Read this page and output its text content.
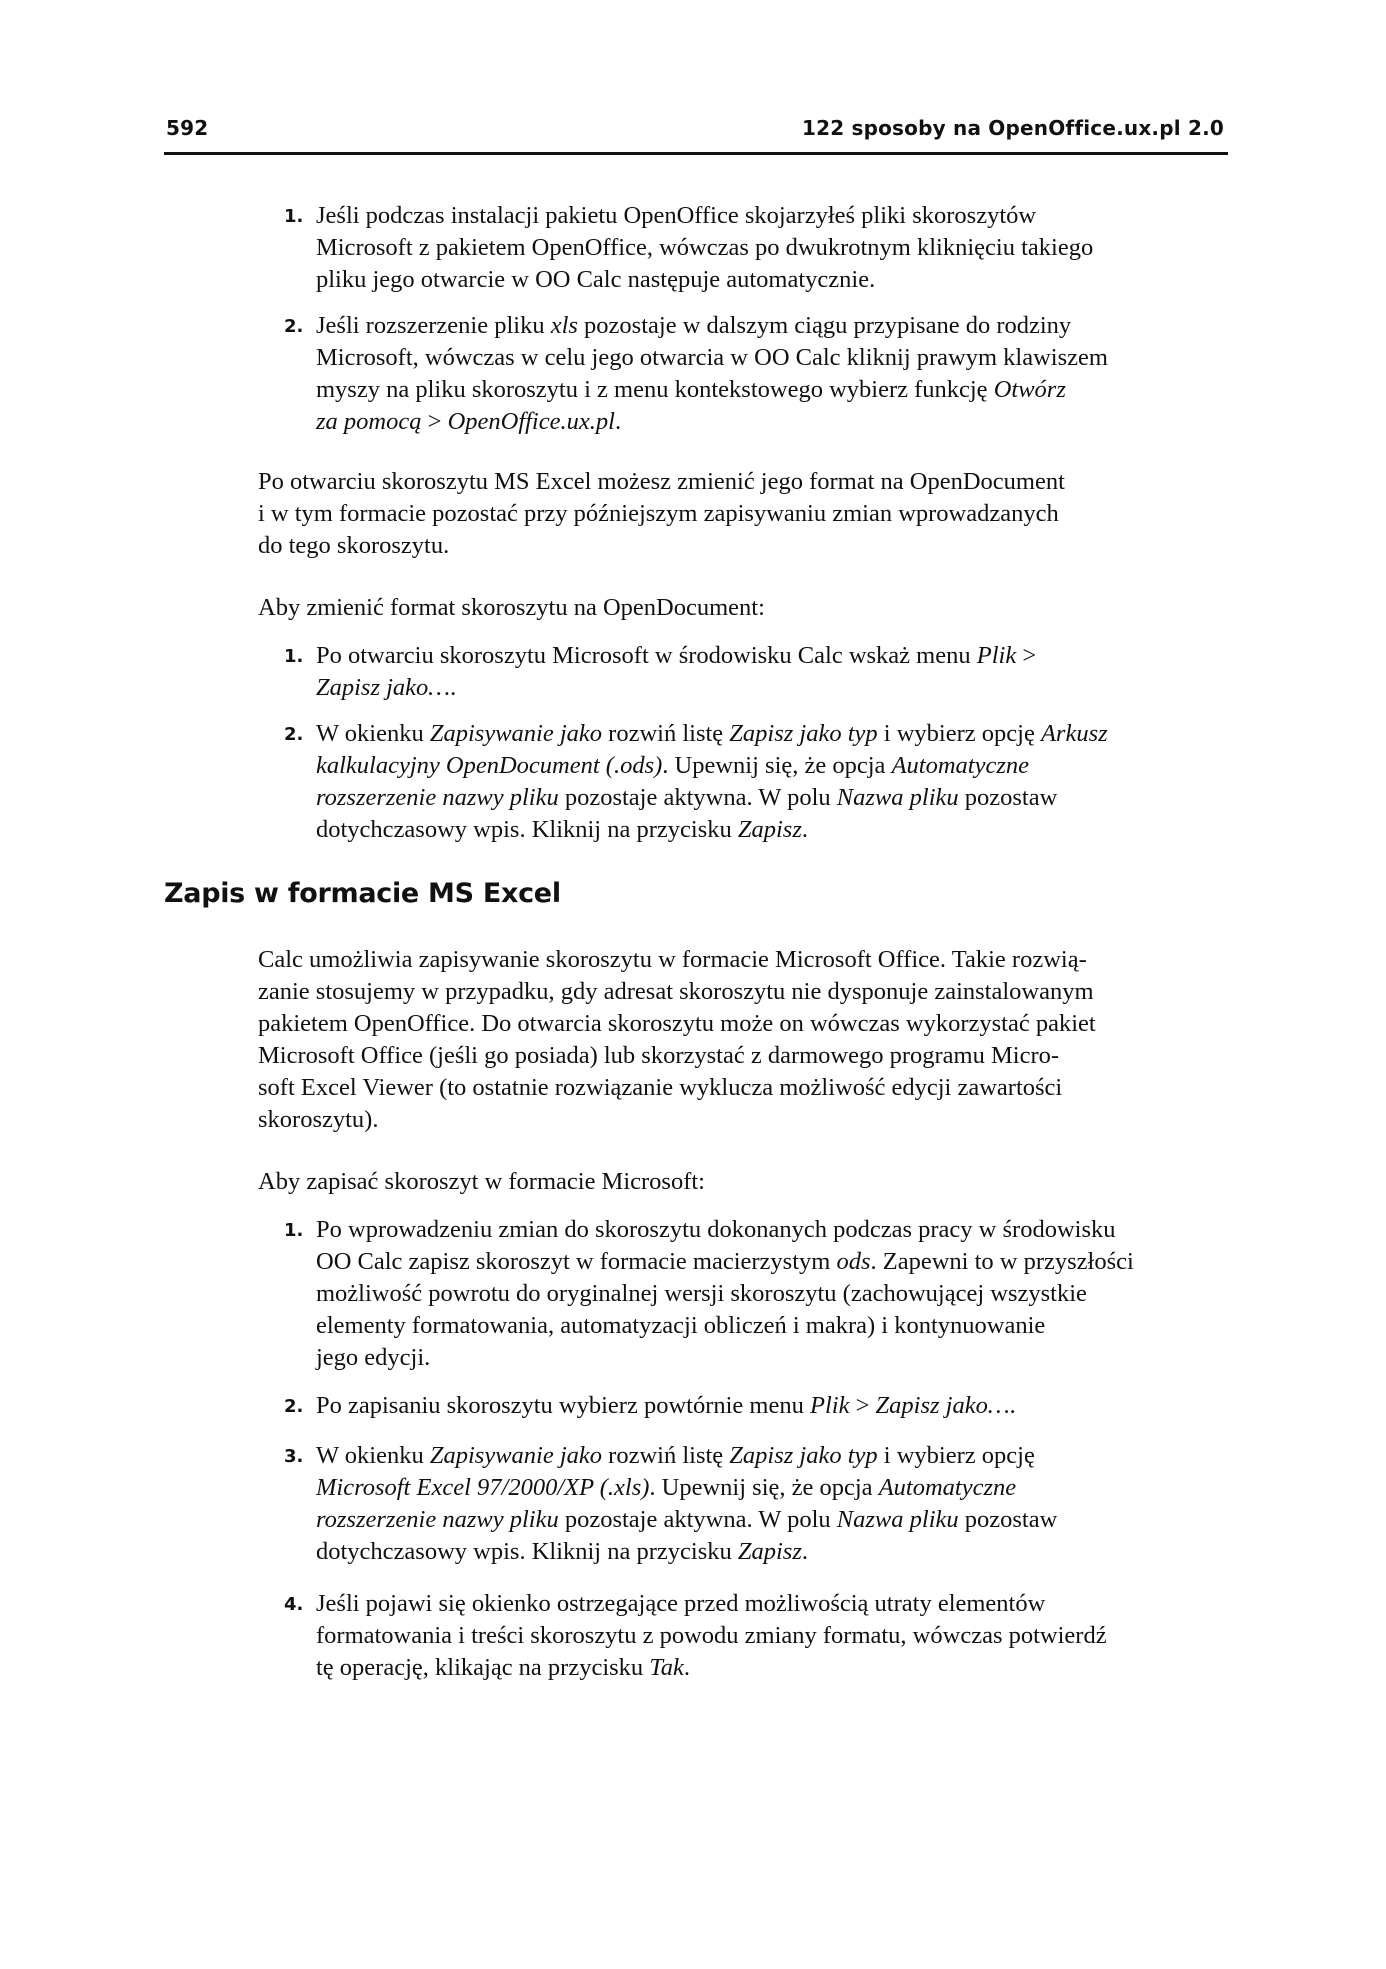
592	122 sposoby na OpenOffice.ux.pl 2.0
1. Jeśli podczas instalacji pakietu OpenOffice skojarzyłeś pliki skoroszytów
Microsoft z pakietem OpenOffice, wówczas po dwukrotnym kliknięciu takiego
pliku jego otwarcie w OO Calc następuje automatycznie.
2. Jeśli rozszerzenie pliku xls pozostaje w dalszym ciągu przypisane do rodziny
Microsoft, wówczas w celu jego otwarcia w OO Calc kliknij prawym klawiszem
myszy na pliku skoroszytu i z menu kontekstowego wybierz funkcję Otwórz
za pomocą > OpenOffice.ux.pl.

Po otwarciu skoroszytu MS Excel możesz zmienić jego format na OpenDocument
i w tym formacie pozostać przy późniejszym zapisywaniu zmian wprowadzanych
do tego skoroszytu.

Aby zmienić format skoroszytu na OpenDocument:

1. Po otwarciu skoroszytu Microsoft w środowisku Calc wskaż menu Plik >
Zapisz jako….
2. W okienku Zapisywanie jako rozwiń listę Zapisz jako typ i wybierz opcję Arkusz
kalkulacyjny OpenDocument (.ods). Upewnij się, że opcja Automatyczne
rozszerzenie nazwy pliku pozostaje aktywna. W polu Nazwa pliku pozostaw
dotychczasowy wpis. Kliknij na przycisku Zapisz.
Zapis w formacie MS Excel

Calc umożliwia zapisywanie skoroszytu w formacie Microsoft Office. Takie rozwią-
zanie stosujemy w przypadku, gdy adresat skoroszytu nie dysponuje zainstalowanym
pakietem OpenOffice. Do otwarcia skoroszytu może on wówczas wykorzystać pakiet
Microsoft Office (jeśli go posiada) lub skorzystać z darmowego programu Micro-
soft Excel Viewer (to ostatnie rozwiązanie wyklucza możliwość edycji zawartości
skoroszytu).

Aby zapisać skoroszyt w formacie Microsoft:

1. Po wprowadzeniu zmian do skoroszytu dokonanych podczas pracy w środowisku
OO Calc zapisz skoroszyt w formacie macierzystym ods. Zapewni to w przyszłości
możliwość powrotu do oryginalnej wersji skoroszytu (zachowującej wszystkie
elementy formatowania, automatyzacji obliczeń i makra) i kontynuowanie
jego edycji.
2. Po zapisaniu skoroszytu wybierz powtórnie menu Plik > Zapisz jako….
3. W okienku Zapisywanie jako rozwiń listę Zapisz jako typ i wybierz opcję
Microsoft Excel 97/2000/XP (.xls). Upewnij się, że opcja Automatyczne
rozszerzenie nazwy pliku pozostaje aktywna. W polu Nazwa pliku pozostaw
dotychczasowy wpis. Kliknij na przycisku Zapisz.
4. Jeśli pojawi się okienko ostrzegające przed możliwością utraty elementów
formatowania i treści skoroszytu z powodu zmiany formatu, wówczas potwierdź
tę operację, klikając na przycisku Tak.
